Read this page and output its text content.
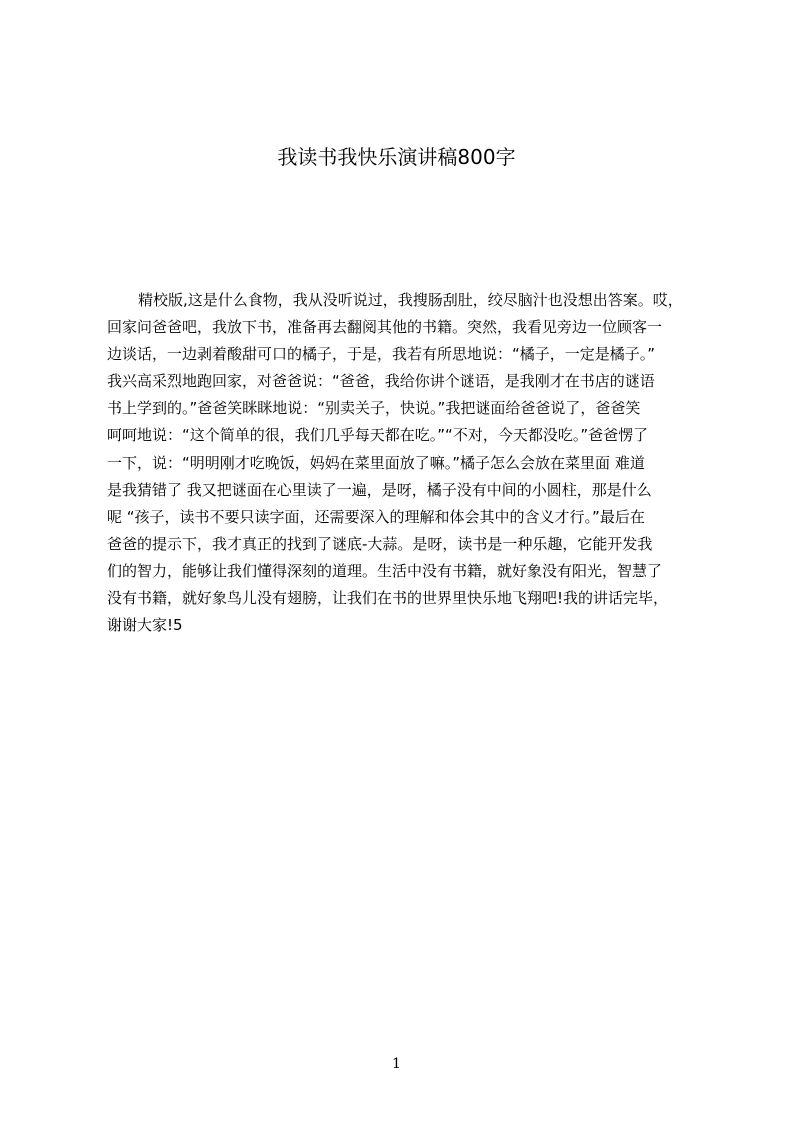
我读书我快乐演讲稿800字
精校版,这是什么食物，我从没听说过，我搜肠刮肚，绞尽脑汁也没想出答案。哎，
回家问爸爸吧，我放下书，准备再去翻阅其他的书籍。突然，我看见旁边一位顾客一
边谈话，一边剥着酸甜可口的橘子，于是，我若有所思地说：“橘子，一定是橘子。”
我兴高采烈地跑回家，对爸爸说：“爸爸，我给你讲个谜语，是我刚才在书店的谜语
书上学到的。”爸爸笑眯眯地说：“别卖关子，快说。”我把谜面给爸爸说了，爸爸笑
呵呵地说：“这个简单的很，我们几乎每天都在吃。”“不对，今天都没吃。”爸爸愣了
一下，说：“明明刚才吃晚饭，妈妈在菜里面放了嘛。”橘子怎么会放在菜里面 难道
是我猜错了 我又把谜面在心里读了一遍，是呀，橘子没有中间的小圆柱，那是什么
呢 “孩子，读书不要只读字面，还需要深入的理解和体会其中的含义才行。”最后在
爸爸的提示下，我才真正的找到了谜底-大蒜。是呀，读书是一种乐趣，它能开发我
们的智力，能够让我们懂得深刻的道理。生活中没有书籍，就好象没有阳光，智慧了
没有书籍，就好象鸟儿没有翅膀，让我们在书的世界里快乐地飞翔吧!我的讲话完毕，
谢谢大家!5
1
